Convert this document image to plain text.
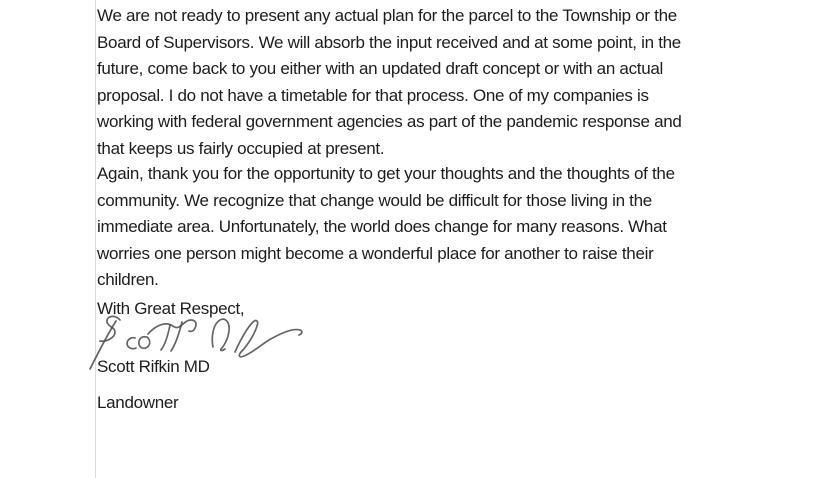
We are not ready to present any actual plan for the parcel to the Township or the
Board of Supervisors. We will absorb the input received and at some point, in the
future, come back to you either with an updated draft concept or with an actual
proposal. I do not have a timetable for that process. One of my companies is
working with federal government agencies as part of the pandemic response and
that keeps us fairly occupied at present.
Again, thank you for the opportunity to get your thoughts and the thoughts of the
community. We recognize that change would be difficult for those living in the
immediate area. Unfortunately, the world does change for many reasons. What
worries one person might become a wonderful place for another to raise their
children.
With Great Respect,
Scott Rifkin MD
Landowner
